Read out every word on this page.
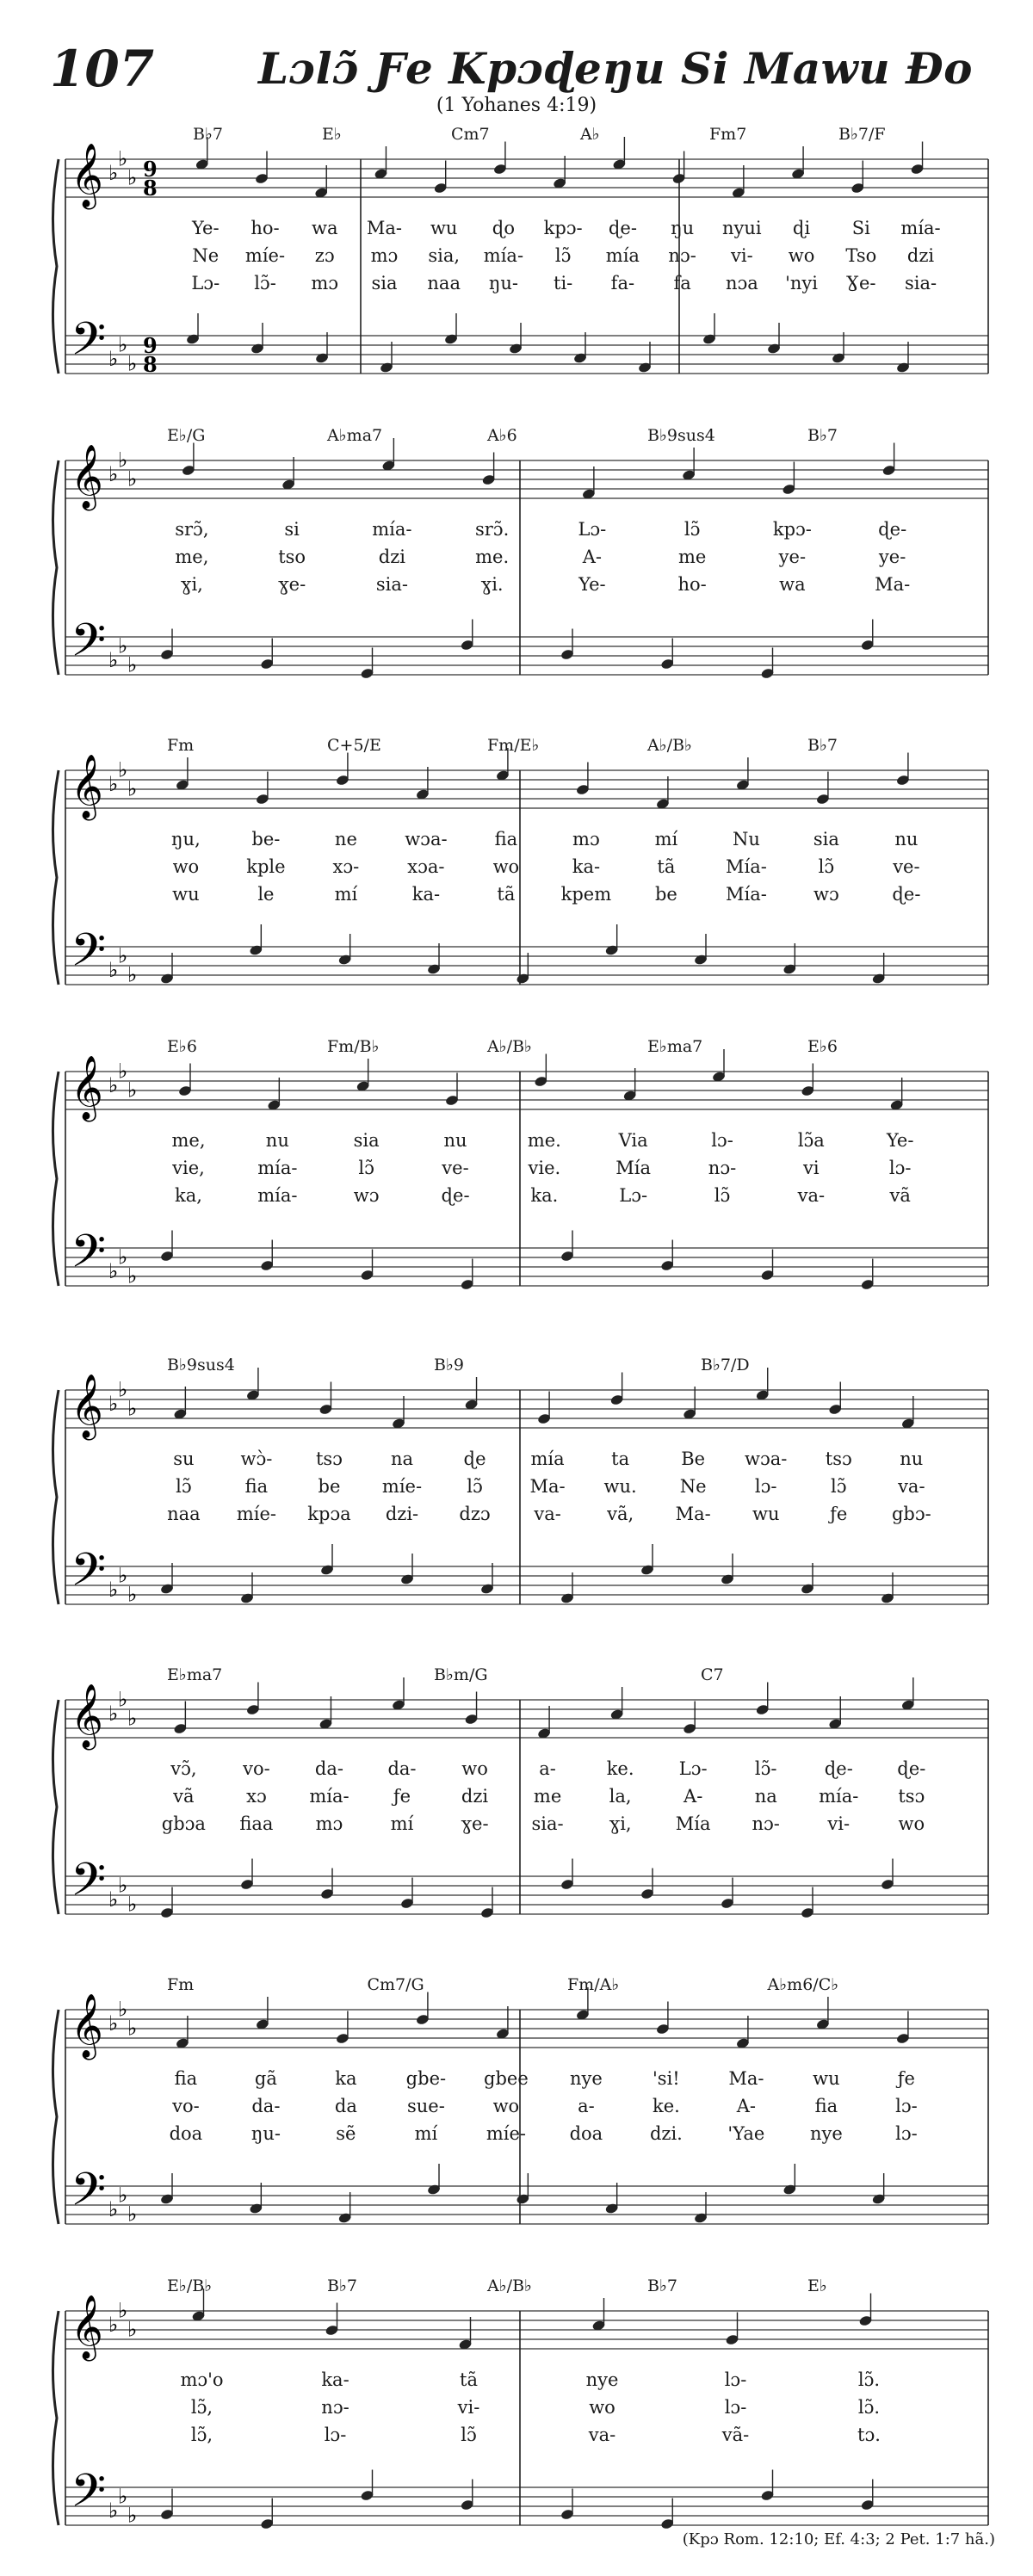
107 Lɔlɔ̃ Ƒe Kpɔɖeŋu Si Mawu Ɖo
(1 Yohanes 4:19)
𝄞
𝄢
♭
♭
♭
♭
♭
♭
9
8
9
8
B♭7	E♭	Cm7	A♭	Fm7	B♭7/F
Ye- ho- wa Ma- wu ɖo kpɔ- ɖe- ŋu nyui ɖi Si mía-
Ne míe- zɔ mɔ sia, mía- lɔ̃ mía nɔ- vi- wo Tso dzi
Lɔ- lɔ̃- mɔ sia naa ŋu- ti- fa- fa nɔa 'nyi Ɣe- sia-
𝄞
𝄢
♭
♭
♭
♭
♭
♭
E♭/G	A♭ma7	A♭6	B♭9sus4	B♭7
srɔ̃,	si	mía-	srɔ̃.	Lɔ-	lɔ̃	kpɔ-	ɖe-
me,	tso	dzi	me.	A-	me	ye-	ye-
ɣi,	ɣe-	sia-	ɣi.	Ye-	ho-	wa	Ma-
𝄞
𝄢
♭
♭
♭
♭
♭
♭
Fm	C+5/E	Fm/E♭	A♭/B♭	B♭7
ŋu,	be-	ne	wɔa-	fia	mɔ	mí	Nu	sia	nu
wo	kple	xɔ-	xɔa-	wo	ka-	tã	Mía-	lɔ̃	ve-
wu	le	mí	ka-	tã	kpem be	Mía-	wɔ	ɖe-
𝄞
𝄢
♭
♭
♭
♭
♭
♭
E♭6	Fm/B♭	A♭/B♭	E♭ma7	E♭6
me,	nu	sia	nu	me.	Via	lɔ-	lɔ̃a	Ye-
vie,	mía-	lɔ̃	ve-	vie.	Mía	nɔ-	vi	lɔ-
ka,	mía-	wɔ	ɖe-	ka.	Lɔ-	lɔ̃	va-	vã
𝄞
𝄢
♭
♭
♭
♭
♭
♭
B♭9sus4	B♭9	B♭7/D
su	wɔ̀- tsɔ	na	ɖe mía	ta	Be wɔa- tsɔ	nu
lɔ̃	fia	be míe- lɔ̃	Ma- wu. Ne	lɔ-	lɔ̃	va-
naa míe- kpɔa dzi- dzɔ va-	vã, Ma- wu	ƒe gbɔ-
𝄞
𝄢
♭
♭
♭
♭
♭
♭
E♭ma7	B♭m/G	C7
vɔ̃,	vo- da- da-	wo	a-	ke. Lɔ-	lɔ̃-	ɖe- ɖe-
vã	xɔ mía- ƒe	dzi	me	la,	A-	na mía- tsɔ
gbɔa fiaa mɔ	mí	ɣe- sia-	ɣi, Mía nɔ-	vi-	wo
𝄞
𝄢
♭
♭
♭
♭
♭
♭
Fm	Cm7/G	Fm/A♭	A♭m6/C♭
fia	gã	ka	gbe- gbee nye	'si!	Ma-	wu	ƒe
vo-	da-	da	sue-	wo	a-	ke.	A-	fia	lɔ-
doa	ŋu-	sẽ	mí	míe- doa	dzi.	'Yae	nye	lɔ-
𝄞
𝄢
♭
♭
♭
♭
♭
♭
E♭/B♭	B♭7	A♭/B♭	B♭7	E♭
mɔ'o	ka-	tã	nye	lɔ-	lɔ̃.
lɔ̃,	nɔ-	vi-	wo	lɔ-	lɔ̃.
lɔ̃,	lɔ-	lɔ̃	va-	vã-	tɔ.
(Kpɔ Rom. 12:10; Ef. 4:3; 2 Pet. 1:7 hã.)
